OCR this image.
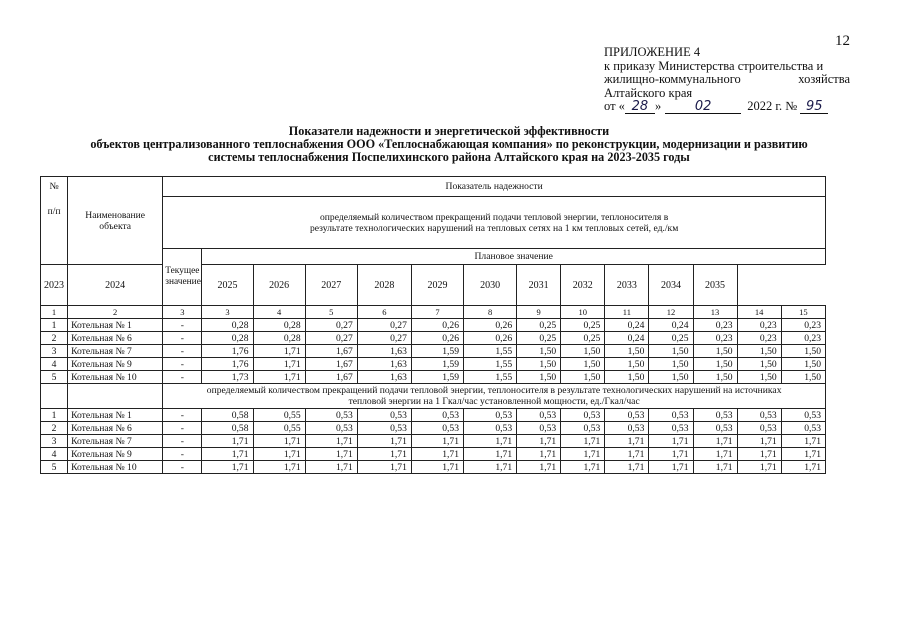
12
ПРИЛОЖЕНИЕ 4
к приказу Министерства строительства и
жилищно-коммунального	хозяйства
Алтайского края
от « 28 »	02	2022 г. № 95
Показатели надежности и энергетической эффективности
объектов централизованного теплоснабжения ООО «Теплоснабжающая компания» по реконструкции, модернизации и развитию
системы теплоснабжения Поспелихинского района Алтайского края на 2023-2035 годы
№
п/п	Наименование объекта	Показатель надежности													
		определяемый количеством прекращений подачи тепловой энергии, теплоносителя в результате технологических нарушений на тепловых сетях на 1 км тепловых сетей, ед./км													
		Текущее значение	Плановое значение												
2023	2024		2025	2026	2027	2028	2029	2030	2031	2032	2033	2034	2035		
1	2	3	3	4	5	6	7	8	9	10	11	12	13	14	15
1	Котельная № 1	-	0,28	0,28	0,27	0,27	0,26	0,26	0,25	0,25	0,24	0,24	0,23	0,23	0,23
2	Котельная № 6	-	0,28	0,28	0,27	0,27	0,26	0,26	0,25	0,25	0,24	0,25	0,23	0,23	0,23
3	Котельная № 7	-	1,76	1,71	1,67	1,63	1,59	1,55	1,50	1,50	1,50	1,50	1,50	1,50	1,50
4	Котельная № 9	-	1,76	1,71	1,67	1,63	1,59	1,55	1,50	1,50	1,50	1,50	1,50	1,50	1,50
5	Котельная № 10	-	1,73	1,71	1,67	1,63	1,59	1,55	1,50	1,50	1,50	1,50	1,50	1,50	1,50
		определяемый количеством прекращений подачи тепловой энергии, теплоносителя в результате технологических нарушений на источниках тепловой энергии на 1 Гкал/час установленной мощности, ед./Гкал/час													
1	Котельная № 1	-	0,58	0,55	0,53	0,53	0,53	0,53	0,53	0,53	0,53	0,53	0,53	0,53	0,53
2	Котельная № 6	-	0,58	0,55	0,53	0,53	0,53	0,53	0,53	0,53	0,53	0,53	0,53	0,53	0,53
3	Котельная № 7	-	1,71	1,71	1,71	1,71	1,71	1,71	1,71	1,71	1,71	1,71	1,71	1,71	1,71
4	Котельная № 9	-	1,71	1,71	1,71	1,71	1,71	1,71	1,71	1,71	1,71	1,71	1,71	1,71	1,71
5	Котельная № 10	-	1,71	1,71	1,71	1,71	1,71	1,71	1,71	1,71	1,71	1,71	1,71	1,71	1,71
